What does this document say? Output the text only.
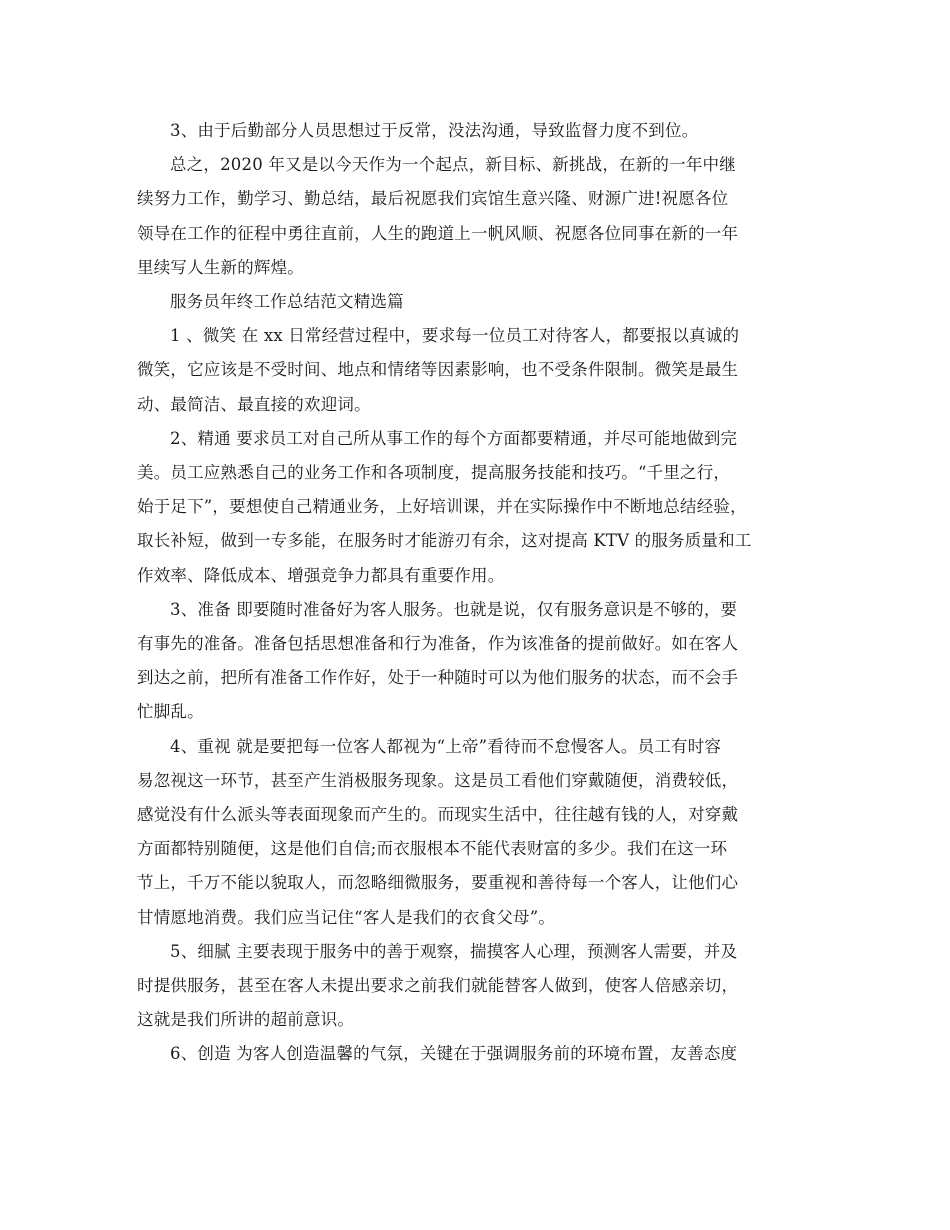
3、由于后勤部分人员思想过于反常，没法沟通，导致监督力度不到位。

总之，2020 年又是以今天作为一个起点，新目标、新挑战，在新的一年中继
续努力工作，勤学习、勤总结，最后祝愿我们宾馆生意兴隆、财源广进!祝愿各位
领导在工作的征程中勇往直前，人生的跑道上一帆风顺、祝愿各位同事在新的一年
里续写人生新的辉煌。

服务员年终工作总结范文精选篇

1 、微笑 在 xx 日常经营过程中，要求每一位员工对待客人，都要报以真诚的
微笑，它应该是不受时间、地点和情绪等因素影响，也不受条件限制。微笑是最生
动、最简洁、最直接的欢迎词。

2、精通 要求员工对自己所从事工作的每个方面都要精通，并尽可能地做到完
美。员工应熟悉自己的业务工作和各项制度，提高服务技能和技巧。“千里之行，
始于足下”，要想使自己精通业务，上好培训课，并在实际操作中不断地总结经验，
取长补短，做到一专多能，在服务时才能游刃有余，这对提高 KTV 的服务质量和工
作效率、降低成本、增强竞争力都具有重要作用。

3、准备 即要随时准备好为客人服务。也就是说，仅有服务意识是不够的，要
有事先的准备。准备包括思想准备和行为准备，作为该准备的提前做好。如在客人
到达之前，把所有准备工作作好，处于一种随时可以为他们服务的状态，而不会手
忙脚乱。

4、重视 就是要把每一位客人都视为“上帝”看待而不怠慢客人。员工有时容
易忽视这一环节，甚至产生消极服务现象。这是员工看他们穿戴随便，消费较低，
感觉没有什么派头等表面现象而产生的。而现实生活中，往往越有钱的人，对穿戴
方面都特别随便，这是他们自信;而衣服根本不能代表财富的多少。我们在这一环
节上，千万不能以貌取人，而忽略细微服务，要重视和善待每一个客人，让他们心
甘情愿地消费。我们应当记住“客人是我们的衣食父母”。

5、细腻 主要表现于服务中的善于观察，揣摸客人心理，预测客人需要，并及
时提供服务，甚至在客人未提出要求之前我们就能替客人做到，使客人倍感亲切，
这就是我们所讲的超前意识。

6、创造 为客人创造温馨的气氛，关键在于强调服务前的环境布置，友善态度
